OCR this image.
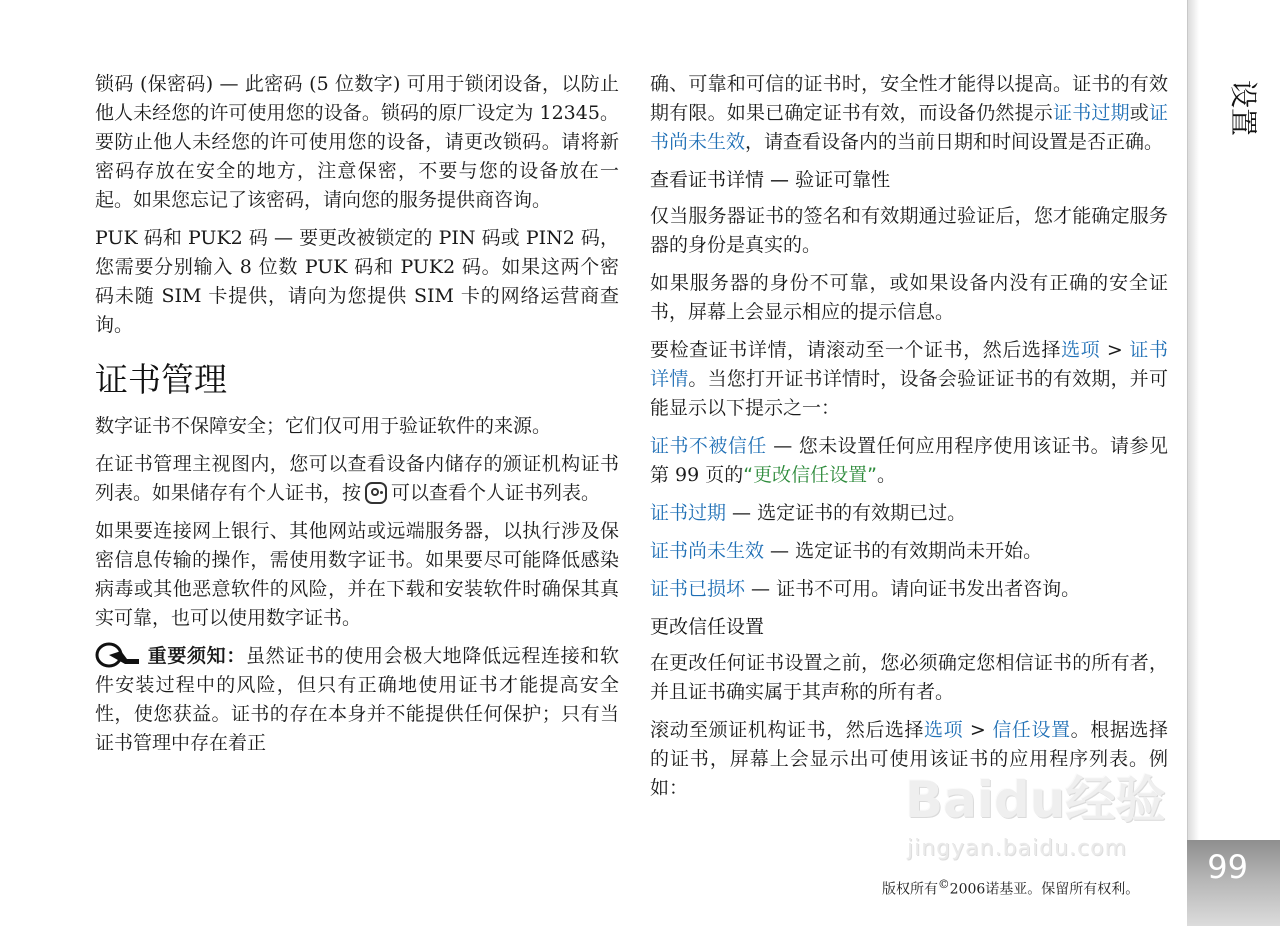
设置

锁码 (保密码) — 此密码 (5 位数字) 可用于锁闭设备，以防止他人未经您的许可使用您的设备。锁码的原厂设定为 12345。要防止他人未经您的许可使用您的设备，请更改锁码。请将新密码存放在安全的地方，注意保密，不要与您的设备放在一起。如果您忘记了该密码，请向您的服务提供商咨询。

PUK 码和 PUK2 码 — 要更改被锁定的 PIN 码或 PIN2 码，您需要分别输入 8 位数 PUK 码和 PUK2 码。如果这两个密码未随 SIM 卡提供，请向为您提供 SIM 卡的网络运营商查询。

证书管理

数字证书不保障安全；它们仅可用于验证软件的来源。

在证书管理主视图内，您可以查看设备内储存的颁证机构证书列表。如果储存有个人证书，按 可以查看个人证书列表。

如果要连接网上银行、其他网站或远端服务器，以执行涉及保密信息传输的操作，需使用数字证书。如果要尽可能降低感染病毒或其他恶意软件的风险，并在下载和安装软件时确保其真实可靠，也可以使用数字证书。

重要须知：虽然证书的使用会极大地降低远程连接和软件安装过程中的风险，但只有正确地使用证书才能提高安全性，使您获益。证书的存在本身并不能提供任何保护；只有当证书管理中存在着正

确、可靠和可信的证书时，安全性才能得以提高。证书的有效期有限。如果已确定证书有效，而设备仍然提示证书过期或证书尚未生效，请查看设备内的当前日期和时间设置是否正确。

查看证书详情 — 验证可靠性

仅当服务器证书的签名和有效期通过验证后，您才能确定服务器的身份是真实的。

如果服务器的身份不可靠，或如果设备内没有正确的安全证书，屏幕上会显示相应的提示信息。

要检查证书详情，请滚动至一个证书，然后选择选项 > 证书详情。当您打开证书详情时，设备会验证证书的有效期，并可能显示以下提示之一：

证书不被信任 — 您未设置任何应用程序使用该证书。请参见第 99 页的“更改信任设置”。

证书过期 — 选定证书的有效期已过。

证书尚未生效 — 选定证书的有效期尚未开始。

证书已损坏 — 证书不可用。请向证书发出者咨询。

更改信任设置

在更改任何证书设置之前，您必须确定您相信证书的所有者，并且证书确实属于其声称的所有者。

滚动至颁证机构证书，然后选择选项 > 信任设置。根据选择的证书，屏幕上会显示出可使用该证书的应用程序列表。例如：	Baidu经验
jingyan.baidu.com
版权所有©2006诺基亚。保留所有权利。
99
